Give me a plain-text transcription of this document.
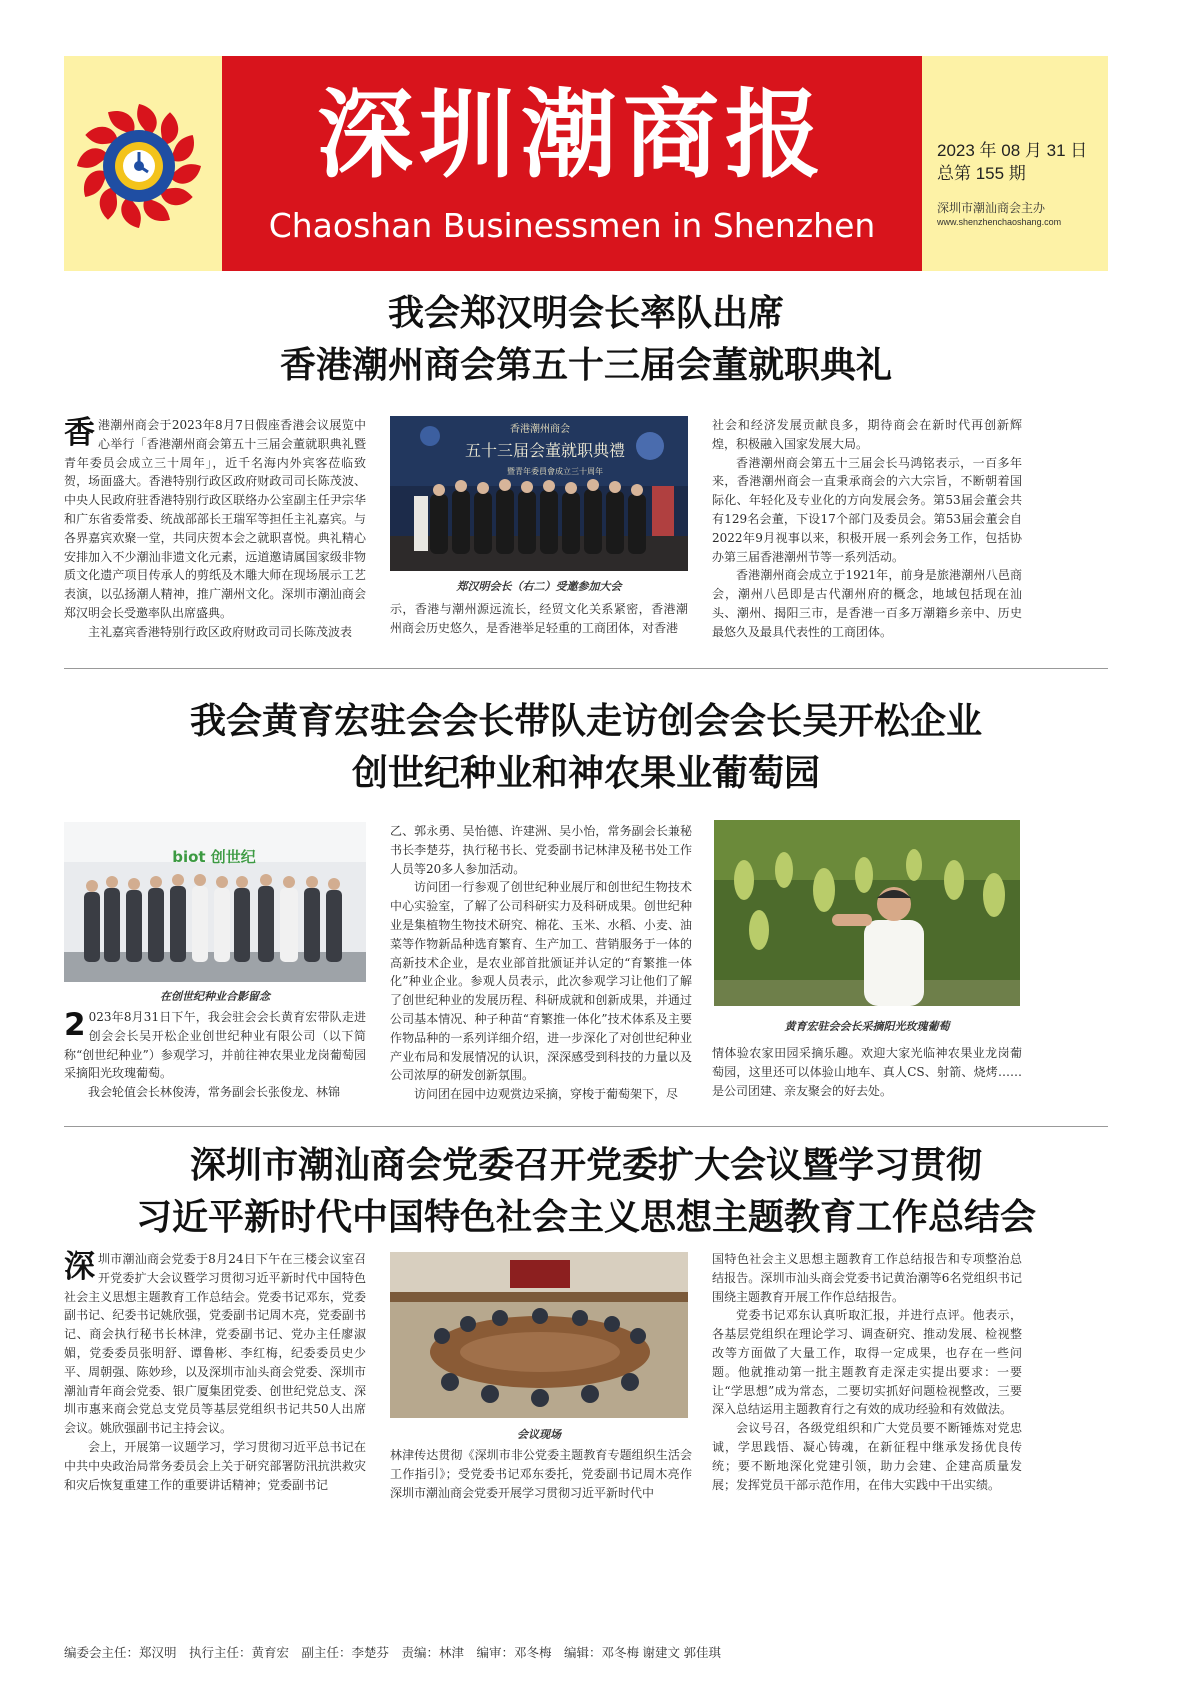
深圳潮商报
Chaoshan Businessmen in Shenzhen
2023 年 08 月 31 日
总第 155 期
深圳市潮汕商会主办
www.shenzhenchaoshang.com
我会郑汉明会长率队出席
香港潮州商会第五十三届会董就职典礼

香港潮州商会于2023年8月7日假座香港会议展览中心举行「香港潮州商会第五十三届会董就职典礼暨青年委员会成立三十周年」，近千名海内外宾客莅临致贺，场面盛大。香港特别行政区政府财政司司长陈茂波、中央人民政府驻香港特别行政区联络办公室副主任尹宗华和广东省委常委、统战部部长王瑞军等担任主礼嘉宾。与各界嘉宾欢聚一堂，共同庆贺本会之就职喜悦。典礼精心安排加入不少潮汕非遗文化元素，远道邀请属国家级非物质文化遗产项目传承人的剪纸及木雕大师在现场展示工艺表演，以弘扬潮人精神，推广潮州文化。深圳市潮汕商会郑汉明会长受邀率队出席盛典。

主礼嘉宾香港特别行政区政府财政司司长陈茂波表

香港潮州商会
五十三届会董就职典禮
暨青年委員會成立三十周年
郑汉明会长（右二）受邀参加大会

示，香港与潮州源远流长，经贸文化关系紧密，香港潮州商会历史悠久，是香港举足轻重的工商团体，对香港

社会和经济发展贡献良多，期待商会在新时代再创新辉煌，积极融入国家发展大局。

香港潮州商会第五十三届会长马鸿铭表示，一百多年来，香港潮州商会一直秉承商会的六大宗旨，不断朝着国际化、年轻化及专业化的方向发展会务。第53届会董会共有129名会董，下设17个部门及委员会。第53届会董会自2022年9月视事以来，积极开展一系列会务工作，包括协办第三届香港潮州节等一系列活动。

香港潮州商会成立于1921年，前身是旅港潮州八邑商会，潮州八邑即是古代潮州府的概念，地域包括现在汕头、潮州、揭阳三市，是香港一百多万潮籍乡亲中、历史最悠久及最具代表性的工商团体。

我会黄育宏驻会会长带队走访创会会长吴开松企业
创世纪种业和神农果业葡萄园
biot 创世纪
在创世纪种业合影留念

2 023年8月31日下午，我会驻会会长黄育宏带队走进创会会长吴开松企业创世纪种业有限公司（以下简称“创世纪种业”）参观学习，并前往神农果业龙岗葡萄园采摘阳光玫瑰葡萄。

我会轮值会长林俊涛，常务副会长张俊龙、林锦

乙、郭永勇、吴怡德、许建洲、吴小怡，常务副会长兼秘书长李楚芬，执行秘书长、党委副书记林津及秘书处工作人员等20多人参加活动。

访问团一行参观了创世纪种业展厅和创世纪生物技术中心实验室，了解了公司科研实力及科研成果。创世纪种业是集植物生物技术研究、棉花、玉米、水稻、小麦、油菜等作物新品种选育繁育、生产加工、营销服务于一体的高新技术企业，是农业部首批颁证并认定的“育繁推一体化”种业企业。参观人员表示，此次参观学习让他们了解了创世纪种业的发展历程、科研成就和创新成果，并通过公司基本情况、种子种苗“育繁推一体化”技术体系及主要作物品种的一系列详细介绍，进一步深化了对创世纪种业产业布局和发展情况的认识，深深感受到科技的力量以及公司浓厚的研发创新氛围。

访问团在园中边观赏边采摘，穿梭于葡萄架下，尽

黄育宏驻会会长采摘阳光玫瑰葡萄

情体验农家田园采摘乐趣。欢迎大家光临神农果业龙岗葡萄园，这里还可以体验山地车、真人CS、射箭、烧烤……是公司团建、亲友聚会的好去处。

深圳市潮汕商会党委召开党委扩大会议暨学习贯彻
习近平新时代中国特色社会主义思想主题教育工作总结会

深圳市潮汕商会党委于8月24日下午在三楼会议室召开党委扩大会议暨学习贯彻习近平新时代中国特色社会主义思想主题教育工作总结会。党委书记邓东，党委副书记、纪委书记姚欣强，党委副书记周木亮，党委副书记、商会执行秘书长林津，党委副书记、党办主任廖淑媚，党委委员张明舒、谭鲁彬、李红梅，纪委委员史少平、周朝强、陈妙珍，以及深圳市汕头商会党委、深圳市潮汕青年商会党委、银广厦集团党委、创世纪党总支、深圳市惠来商会党总支党员等基层党组织书记共50人出席会议。姚欣强副书记主持会议。

会上，开展第一议题学习，学习贯彻习近平总书记在中共中央政治局常务委员会上关于研究部署防汛抗洪救灾和灾后恢复重建工作的重要讲话精神；党委副书记

会议现场

林津传达贯彻《深圳市非公党委主题教育专题组织生活会工作指引》；受党委书记邓东委托，党委副书记周木亮作深圳市潮汕商会党委开展学习贯彻习近平新时代中

国特色社会主义思想主题教育工作总结报告和专项整治总结报告。深圳市汕头商会党委书记黄治潮等6名党组织书记围绕主题教育开展工作作总结报告。

党委书记邓东认真听取汇报，并进行点评。他表示，各基层党组织在理论学习、调查研究、推动发展、检视整改等方面做了大量工作，取得一定成果，也存在一些问题。他就推动第一批主题教育走深走实提出要求：一要让“学思想”成为常态，二要切实抓好问题检视整改，三要深入总结运用主题教育行之有效的成功经验和有效做法。

会议号召，各级党组织和广大党员要不断锤炼对党忠诚，学思践悟、凝心铸魂，在新征程中继承发扬优良传统；要不断地深化党建引领，助力会建、企建高质量发展；发挥党员干部示范作用，在伟大实践中干出实绩。

编委会主任：郑汉明　执行主任：黄育宏　副主任：李楚芬　责编：林津　编审：邓冬梅　编辑：邓冬梅 谢建文 郭佳琪
